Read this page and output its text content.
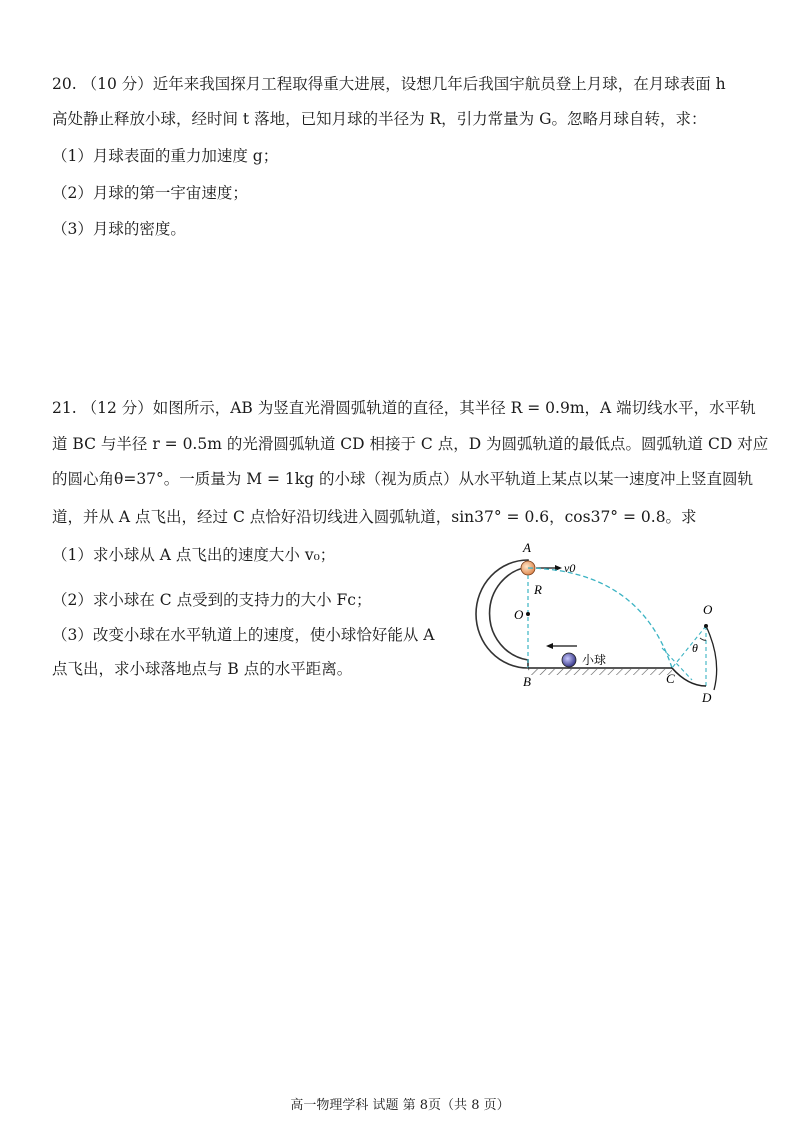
20. （10 分）近年来我国探月工程取得重大进展，设想几年后我国宇航员登上月球，在月球表面 h
高处静止释放小球，经时间 t 落地，已知月球的半径为 R，引力常量为 G。忽略月球自转，求：
（1）月球表面的重力加速度 g；
（2）月球的第一宇宙速度；
（3）月球的密度。
21. （12 分）如图所示，AB 为竖直光滑圆弧轨道的直径，其半径 R = 0.9m，A 端切线水平，水平轨
道 BC 与半径 r = 0.5m 的光滑圆弧轨道 CD 相接于 C 点，D 为圆弧轨道的最低点。圆弧轨道 CD 对应
的圆心角θ=37°。一质量为 M = 1kg 的小球（视为质点）从水平轨道上某点以某一速度冲上竖直圆轨
道，并从 A 点飞出，经过 C 点恰好沿切线进入圆弧轨道，sin37° = 0.6，cos37° = 0.8。求
（1）求小球从 A 点飞出的速度大小 v₀；
（2）求小球在 C 点受到的支持力的大小 Fc；
（3）改变小球在水平轨道上的速度，使小球恰好能从 A
点飞出，求小球落地点与 B 点的水平距离。
A
v0
R
O
小球
B	C
O
θ
D
高一物理学科 试题 第 8页（共 8 页）
